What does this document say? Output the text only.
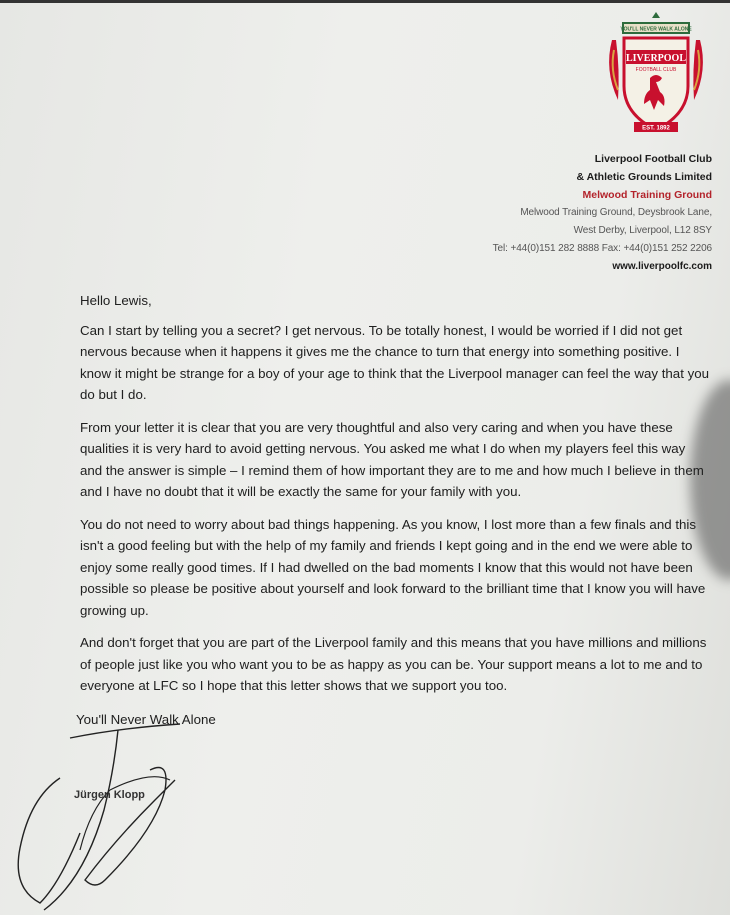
YOU'LL NEVER WALK ALONE
LIVERPOOL
FOOTBALL CLUB
EST. 1892
Liverpool Football Club
& Athletic Grounds Limited
Melwood Training Ground
Melwood Training Ground, Deysbrook Lane,
West Derby, Liverpool, L12 8SY
Tel: +44(0)151 282 8888 Fax: +44(0)151 252 2206
www.liverpoolfc.com

Hello Lewis,

Can I start by telling you a secret? I get nervous. To be totally honest, I would be worried if I did not get nervous because when it happens it gives me the chance to turn that energy into something positive. I know it might be strange for a boy of your age to think that the Liverpool manager can feel the way that you do but I do.

From your letter it is clear that you are very thoughtful and also very caring and when you have these qualities it is very hard to avoid getting nervous. You asked me what I do when my players feel this way and the answer is simple – I remind them of how important they are to me and how much I believe in them and I have no doubt that it will be exactly the same for your family with you.

You do not need to worry about bad things happening. As you know, I lost more than a few finals and this isn't a good feeling but with the help of my family and friends I kept going and in the end we were able to enjoy some really good times. If I had dwelled on the bad moments I know that this would not have been possible so please be positive about yourself and look forward to the brilliant time that I know you will have growing up.

And don't forget that you are part of the Liverpool family and this means that you have millions and millions of people just like you who want you to be as happy as you can be. Your support means a lot to me and to everyone at LFC so I hope that this letter shows that we support you too.

You'll Never Walk Alone
Jürgen Klopp
